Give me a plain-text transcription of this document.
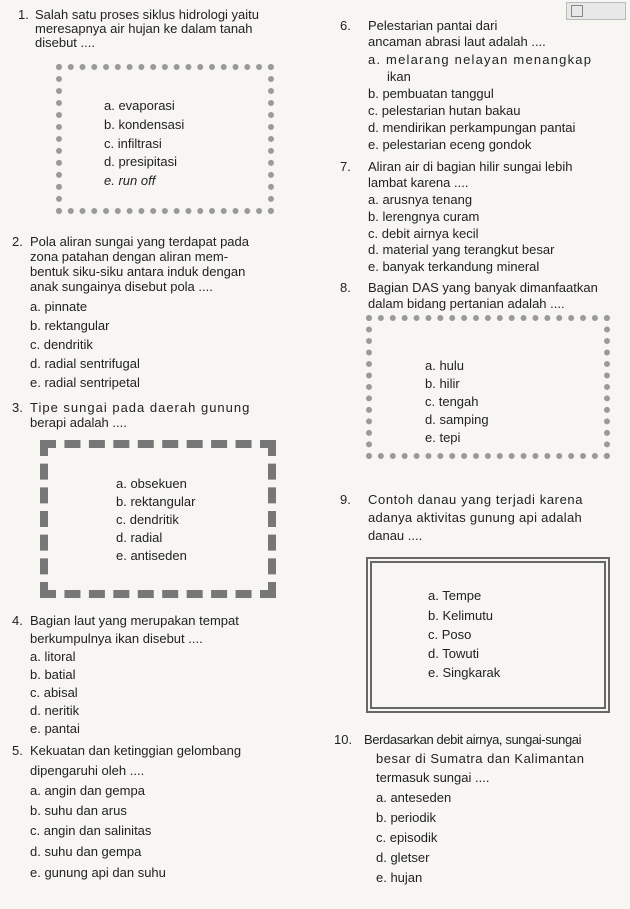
1. Salah satu proses siklus hidrologi yaitu
meresapnya air hujan ke dalam tanah
disebut ....
a. evaporasi
b. kondensasi
c. infiltrasi
d. presipitasi
e. run off
2. Pola aliran sungai yang terdapat pada
zona patahan dengan aliran mem-
bentuk siku-siku antara induk dengan
anak sungainya disebut pola ....
a. pinnate
b. rektangular
c. dendritik
d. radial sentrifugal
e. radial sentripetal
3. Tipe sungai pada daerah gunung
berapi adalah ....
a. obsekuen
b. rektangular
c. dendritik
d. radial
e. antiseden
4. Bagian laut yang merupakan tempat
berkumpulnya ikan disebut ....
a. litoral
b. batial
c. abisal
d. neritik
e. pantai
5. Kekuatan dan ketinggian gelombang
dipengaruhi oleh ....
a. angin dan gempa
b. suhu dan arus
c. angin dan salinitas
d. suhu dan gempa
e. gunung api dan suhu
6. Pelestarian pantai dari
ancaman abrasi laut adalah ....
a. melarang nelayan menangkap
ikan
b. pembuatan tanggul
c. pelestarian hutan bakau
d. mendirikan perkampungan pantai
e. pelestarian eceng gondok
7. Aliran air di bagian hilir sungai lebih
lambat karena ....
a. arusnya tenang
b. lerengnya curam
c. debit airnya kecil
d. material yang terangkut besar
e. banyak terkandung mineral
8. Bagian DAS yang banyak dimanfaatkan
dalam bidang pertanian adalah ....
a. hulu
b. hilir
c. tengah
d. samping
e. tepi
9. Contoh danau yang terjadi karena
adanya aktivitas gunung api adalah
danau ....
a. Tempe
b. Kelimutu
c. Poso
d. Towuti
e. Singkarak
10. Berdasarkan debit airnya, sungai-sungai
besar di Sumatra dan Kalimantan
termasuk sungai ....
a. anteseden
b. periodik
c. episodik
d. gletser
e. hujan
